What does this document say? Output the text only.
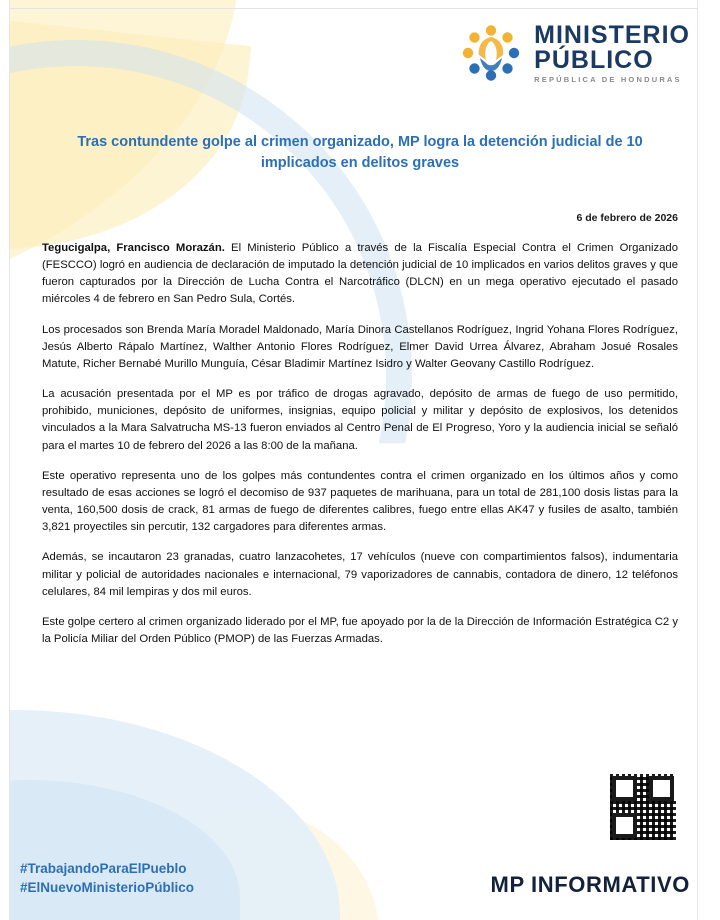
MINISTERIO
PÚBLICO
REPÚBLICA DE HONDURAS
Tras contundente golpe al crimen organizado, MP logra la detención judicial de 10 implicados en delitos graves
6 de febrero de 2026

Tegucigalpa, Francisco Morazán. El Ministerio Público a través de la Fiscalía Especial Contra el Crimen Organizado (FESCCO) logró en audiencia de declaración de imputado la detención judicial de 10 implicados en varios delitos graves y que fueron capturados por la Dirección de Lucha Contra el Narcotráfico (DLCN) en un mega operativo ejecutado el pasado miércoles 4 de febrero en San Pedro Sula, Cortés.

Los procesados son Brenda María Moradel Maldonado, María Dinora Castellanos Rodríguez, Ingrid Yohana Flores Rodríguez, Jesús Alberto Rápalo Martínez, Walther Antonio Flores Rodríguez, Elmer David Urrea Álvarez, Abraham Josué Rosales Matute, Richer Bernabé Murillo Munguía, César Bladimir Martínez Isidro y Walter Geovany Castillo Rodríguez.

La acusación presentada por el MP es por tráfico de drogas agravado, depósito de armas de fuego de uso permitido, prohibido, municiones, depósito de uniformes, insignias, equipo policial y militar y depósito de explosivos, los detenidos vinculados a la Mara Salvatrucha MS-13 fueron enviados al Centro Penal de El Progreso, Yoro y la audiencia inicial se señaló para el martes 10 de febrero del 2026 a las 8:00 de la mañana.

Este operativo representa uno de los golpes más contundentes contra el crimen organizado en los últimos años y como resultado de esas acciones se logró el decomiso de 937 paquetes de marihuana, para un total de 281,100 dosis listas para la venta, 160,500 dosis de crack, 81 armas de fuego de diferentes calibres, fuego entre ellas AK47 y fusiles de asalto, también 3,821 proyectiles sin percutir, 132 cargadores para diferentes armas.

Además, se incautaron 23 granadas, cuatro lanzacohetes, 17 vehículos (nueve con compartimientos falsos), indumentaria militar y policial de autoridades nacionales e internacional, 79 vaporizadores de cannabis, contadora de dinero, 12 teléfonos celulares, 84 mil lempiras y dos mil euros.

Este golpe certero al crimen organizado liderado por el MP, fue apoyado por la de la Dirección de Información Estratégica C2 y la Policía Miliar del Orden Público (PMOP) de las Fuerzas Armadas.

#TrabajandoParaElPueblo
#ElNuevoMinisterioPúblico	MP INFORMATIVO
